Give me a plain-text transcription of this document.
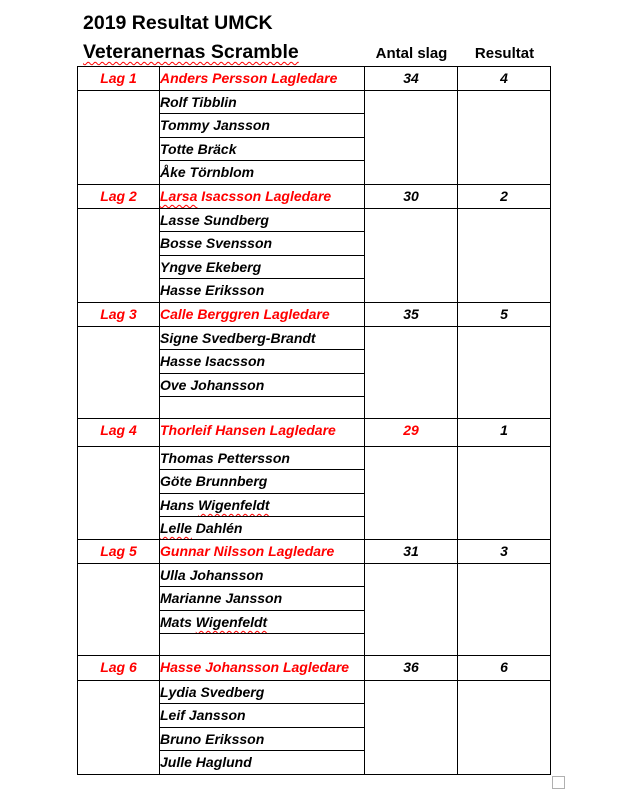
2019 Resultat UMCK
Veteranernas Scramble	Antal slag	Resultat
Lag 1	Anders Persson Lagledare	34	4
	Rolf Tibblin		
	Tommy Jansson		
	Totte Bräck		
	Åke Törnblom		
Lag 2	Larsa Isacsson Lagledare	30	2
	Lasse Sundberg		
	Bosse Svensson		
	Yngve Ekeberg		
	Hasse Eriksson		
Lag 3	Calle Berggren Lagledare	35	5
	Signe Svedberg-Brandt		
	Hasse Isacsson		
	Ove Johansson		

Lag 4	Thorleif Hansen Lagledare	29	1
	Thomas Pettersson		
	Göte Brunnberg		
	Hans Wigenfeldt		
	Lelle Dahlén		
Lag 5	Gunnar Nilsson Lagledare	31	3
	Ulla Johansson		
	Marianne Jansson		
	Mats Wigenfeldt		

Lag 6	Hasse Johansson Lagledare	36	6
	Lydia Svedberg		
	Leif Jansson		
	Bruno Eriksson		
	Julle Haglund		
